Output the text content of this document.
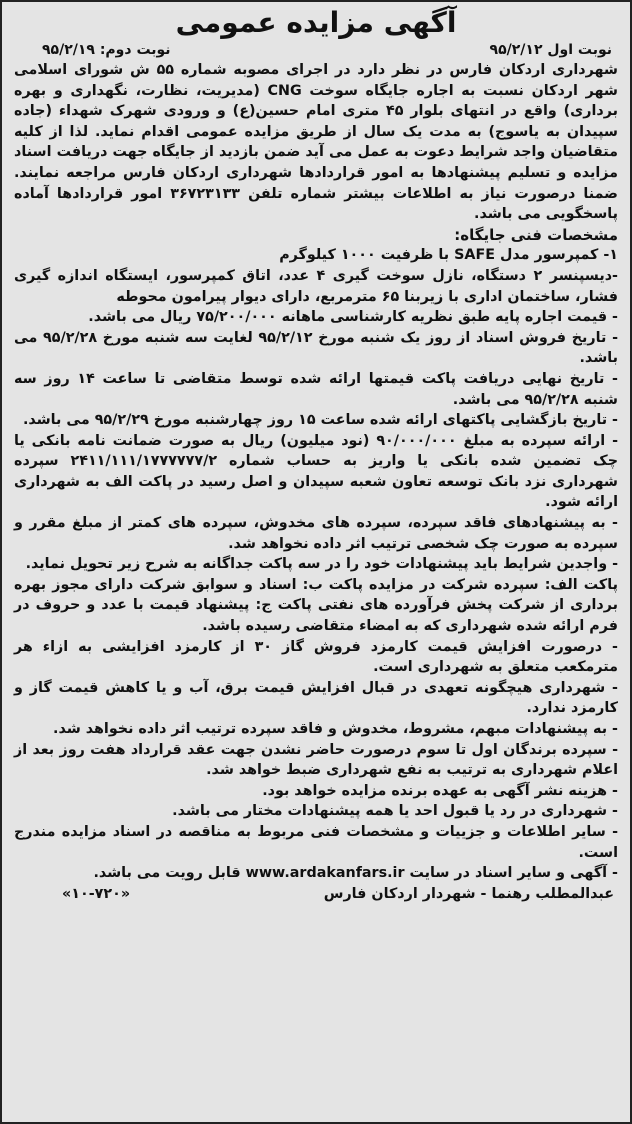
آگهی مزایده عمومی
نوبت اول ۹۵/۲/۱۲
نوبت دوم: ۹۵/۲/۱۹

شهرداری اردکان فارس در نظر دارد در اجرای مصوبه شماره ۵۵ ش شورای اسلامی شهر اردکان نسبت به اجاره جایگاه سوخت CNG (مدیریت، نظارت، نگهداری و بهره برداری) واقع در انتهای بلوار ۴۵ متری امام حسین(ع) و ورودی شهرک شهداء (جاده سپیدان به یاسوج) به مدت یک سال از طریق مزایده عمومی اقدام نماید. لذا از کلیه متقاضیان واجد شرایط دعوت به عمل می آید ضمن بازدید از جایگاه جهت دریافت اسناد مزایده و تسلیم پیشنهادها به امور قراردادها شهرداری اردکان فارس مراجعه نمایند. ضمنا درصورت نیاز به اطلاعات بیشتر شماره تلفن ۳۶۷۲۳۱۳۳ امور قراردادها آماده پاسخگویی می باشد.

مشخصات فنی جایگاه:

۱- کمپرسور مدل SAFE با ظرفیت ۱۰۰۰ کیلوگرم

-دیسپنسر ۲ دستگاه، نازل سوخت گیری ۴ عدد، اتاق کمپرسور، ایستگاه اندازه گیری فشار، ساختمان اداری با زیربنا ۶۵ مترمربع، دارای دیوار پیرامون محوطه

- قیمت اجاره پایه طبق نظریه کارشناسی ماهانه ۷۵/۲۰۰/۰۰۰ ریال می باشد.

- تاریخ فروش اسناد از روز یک شنبه مورخ ۹۵/۲/۱۲ لغایت سه شنبه مورخ ۹۵/۲/۲۸ می باشد.

- تاریخ نهایی دریافت پاکت قیمتها ارائه شده توسط متقاضی تا ساعت ۱۴ روز سه شنبه ۹۵/۲/۲۸ می باشد.

- تاریخ بازگشایی پاکتهای ارائه شده ساعت ۱۵ روز چهارشنبه مورخ ۹۵/۲/۲۹ می باشد.

- ارائه سپرده به مبلغ ۹۰/۰۰۰/۰۰۰ (نود میلیون) ریال به صورت ضمانت نامه بانکی یا چک تضمین شده بانکی یا واریز به حساب شماره ۲۴۱۱/۱۱۱/۱۷۷۷۷۷۷/۲ سپرده شهرداری نزد بانک توسعه تعاون شعبه سپیدان و اصل رسید در پاکت الف به شهرداری ارائه شود.

- به پیشنهادهای فاقد سپرده، سپرده های مخدوش، سپرده های کمتر از مبلغ مقرر و سپرده به صورت چک شخصی ترتیب اثر داده نخواهد شد.

- واجدین شرایط باید پیشنهادات خود را در سه پاکت جداگانه به شرح زیر تحویل نماید.

پاکت الف: سپرده شرکت در مزایده پاکت ب: اسناد و سوابق شرکت دارای مجوز بهره برداری از شرکت پخش فرآورده های نفتی پاکت ج: پیشنهاد قیمت با عدد و حروف در فرم ارائه شده شهرداری که به امضاء متقاضی رسیده باشد.

- درصورت افزایش قیمت کارمزد فروش گاز ۳۰ از کارمزد افزایشی به ازاء هر مترمکعب متعلق به شهرداری است.

- شهرداری هیچگونه تعهدی در قبال افزایش قیمت برق، آب و یا کاهش قیمت گاز و کارمزد ندارد.

- به پیشنهادات مبهم، مشروط، مخدوش و فاقد سپرده ترتیب اثر داده نخواهد شد.

- سپرده برندگان اول تا سوم درصورت حاضر نشدن جهت عقد قرارداد هفت روز بعد از اعلام شهرداری به ترتیب به نفع شهرداری ضبط خواهد شد.

- هزینه نشر آگهی به عهده برنده مزایده خواهد بود.

- شهرداری در رد یا قبول احد یا همه پیشنهادات مختار می باشد.

- سایر اطلاعات و جزییات و مشخصات فنی مربوط به مناقصه در اسناد مزایده مندرج است.

- آگهی و سایر اسناد در سایت www.ardakanfars.ir قابل رویت می باشد.

عبدالمطلب رهنما - شهردار اردکان فارس
«۱۰-۷۲۰»
